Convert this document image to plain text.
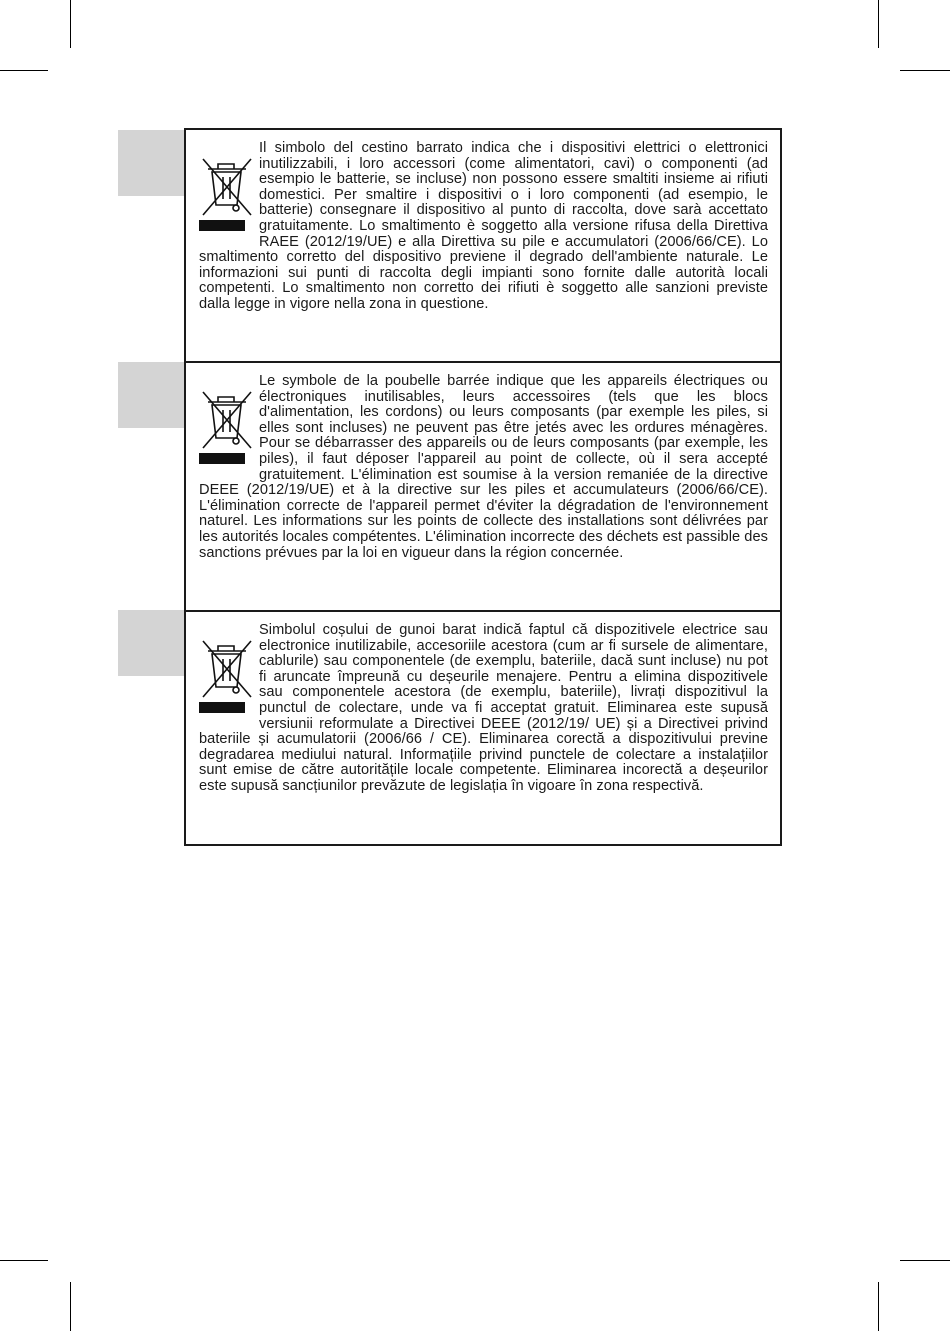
Il simbolo del cestino barrato indica che i dispositivi elettrici o elettronici inutilizzabili, i loro accessori (come alimentatori, cavi) o componenti (ad esempio le batterie, se incluse) non possono essere smaltiti insieme ai rifiuti domestici. Per smaltire i dispositivi o i loro componenti (ad esempio, le batterie) consegnare il dispositivo al punto di raccolta, dove sarà accettato gratuitamente. Lo smaltimento è soggetto alla versione rifusa della Direttiva RAEE (2012/19/UE) e alla Direttiva su pile e accumulatori (2006/66/CE). Lo smaltimento corretto del dispositivo previene il degrado dell'ambiente naturale. Le informazioni sui punti di raccolta degli impianti sono fornite dalle autorità locali competenti. Lo smaltimento non corretto dei rifiuti è soggetto alle sanzioni previste dalla legge in vigore nella zona in questione.

Le symbole de la poubelle barrée indique que les appareils électriques ou électroniques inutilisables, leurs accessoires (tels que les blocs d'alimentation, les cordons) ou leurs composants (par exemple les piles, si elles sont incluses) ne peuvent pas être jetés avec les ordures ménagères. Pour se débarrasser des appareils ou de leurs composants (par exemple, les piles), il faut déposer l'appareil au point de collecte, où il sera accepté gratuitement. L'élimination est soumise à la version remaniée de la directive DEEE (2012/19/UE) et à la directive sur les piles et accumulateurs (2006/66/CE). L'élimination correcte de l'appareil permet d'éviter la dégradation de l'environnement naturel. Les informations sur les points de collecte des installations sont délivrées par les autorités locales compétentes. L'élimination incorrecte des déchets est passible des sanctions prévues par la loi en vigueur dans la région concernée.

Simbolul coșului de gunoi barat indică faptul că dispozitivele electrice sau electronice inutilizabile, accesoriile acestora (cum ar fi sursele de alimentare, cablurile) sau componentele (de exemplu, bateriile, dacă sunt incluse) nu pot fi aruncate împreună cu deșeurile menajere. Pentru a elimina dispozitivele sau componentele acestora (de exemplu, bateriile), livrați dispozitivul la punctul de colectare, unde va fi acceptat gratuit. Eliminarea este supusă versiunii reformulate a Directivei DEEE (2012/19/ UE) și a Directivei privind bateriile și acumulatorii (2006/66 / CE). Eliminarea corectă a dispozitivului previne degradarea mediului natural. Informațiile privind punctele de colectare a instalațiilor sunt emise de către autoritățile locale competente. Eliminarea incorectă a deșeurilor este supusă sancțiunilor prevăzute de legislația în vigoare în zona respectivă.
